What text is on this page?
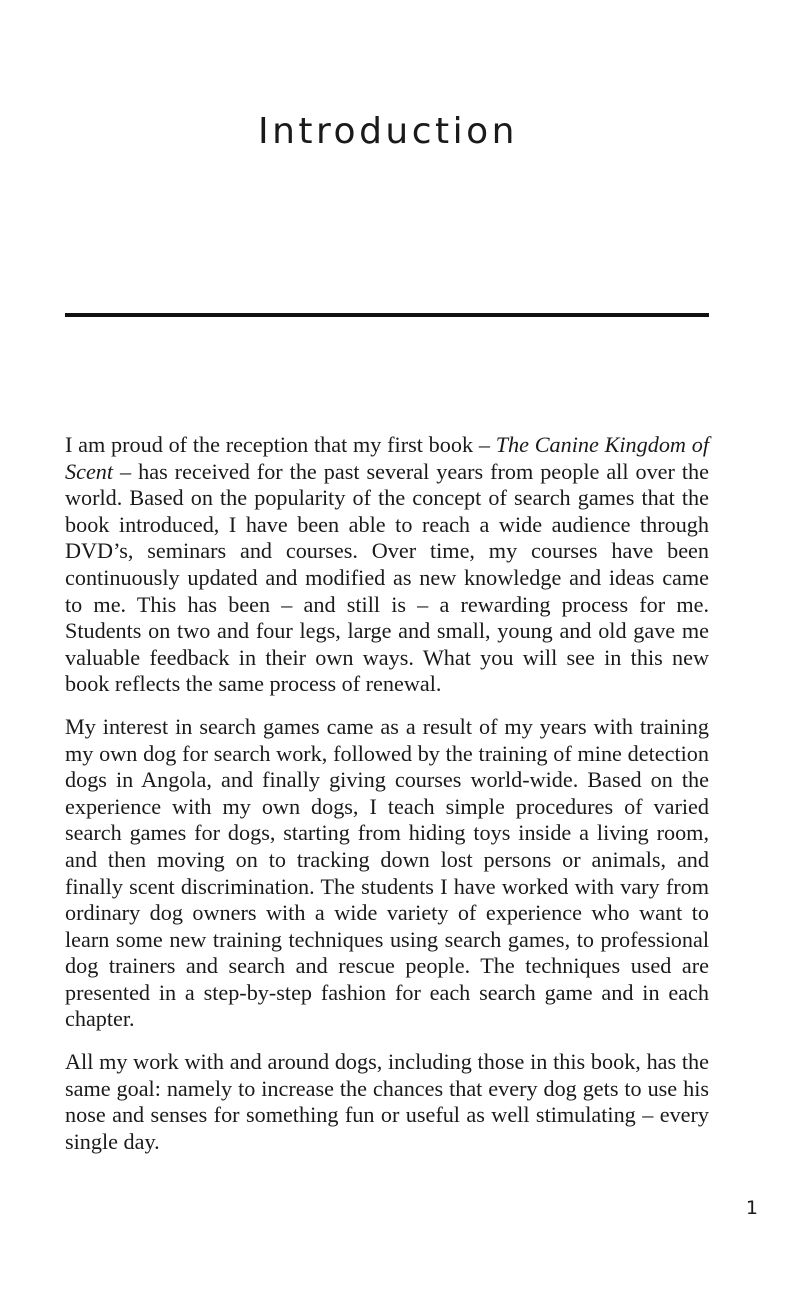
Introduction

I am proud of the reception that my first book – The Canine Kingdom of Scent – has received for the past several years from people all over the world. Based on the popularity of the concept of search games that the book introduced, I have been able to reach a wide audience through DVD’s, seminars and courses. Over time, my courses have been continuously updated and modified as new knowledge and ideas came to me. This has been – and still is – a rewarding process for me. Students on two and four legs, large and small, young and old gave me valuable feedback in their own ways. What you will see in this new book reflects the same process of renewal.

My interest in search games came as a result of my years with training my own dog for search work, followed by the training of mine detection dogs in Angola, and finally giving courses world-wide. Based on the experience with my own dogs, I teach simple procedures of varied search games for dogs, starting from hiding toys inside a living room, and then moving on to tracking down lost persons or animals, and finally scent discrimination. The students I have worked with vary from ordinary dog owners with a wide variety of experience who want to learn some new training techniques using search games, to professional dog trainers and search and rescue people. The techniques used are presented in a step-by-step fashion for each search game and in each chapter.

All my work with and around dogs, including those in this book, has the same goal: namely to increase the chances that every dog gets to use his nose and senses for something fun or useful as well stimulating – every single day.

1
